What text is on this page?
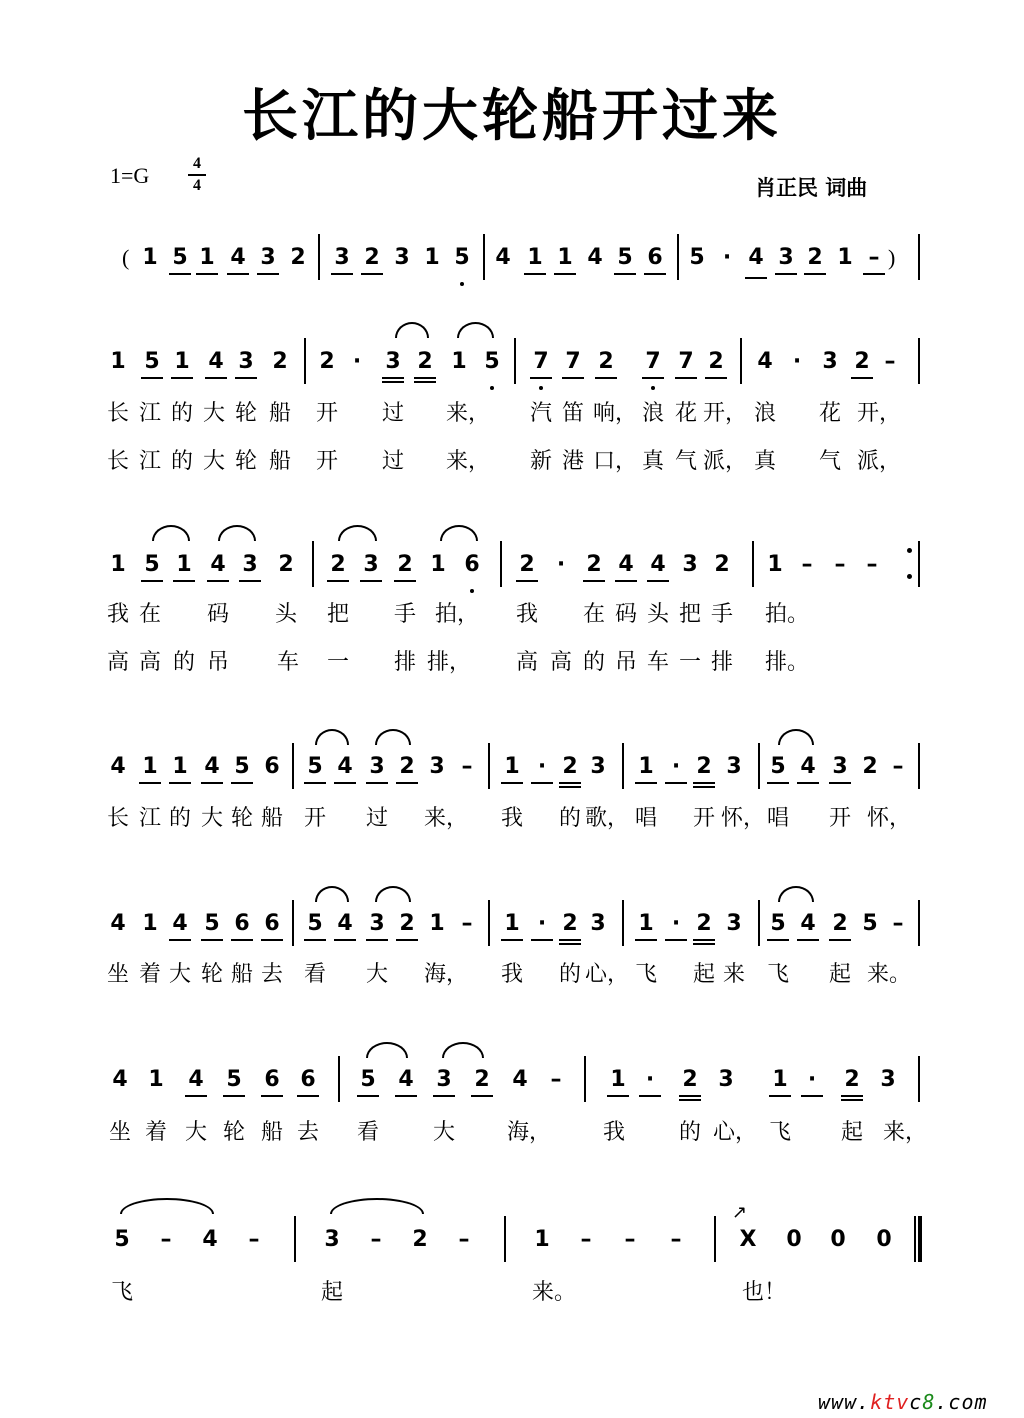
长江的大轮船开过来
$1=G \frac{4}{4}$	肖正民 词曲
(	)
1 5 1 4 3 2 3 2 3 1 5 4 1 1 4 5 6 5 · 4 3 2 1 –
1 5 1 4 3 2 2 ·	3 2 1 5 7 7 2 7 7 2 4 · 3 2 –
长 江 的 大 轮 船 开 过 来， 汽 笛 响， 浪 花 开， 浪 花 开，
长 江 的 大 轮 船 开 过 来， 新 港 口， 真 气 派， 真 气 派，
1 5 1 4 3 2 2 3 2 1 6 2	· 2 4 4 3 2 1 – – –
我 在 码 头 把 手 拍， 我 在 码 头 把 手 拍。
高 高 的 吊 车 一 排 排， 高 高 的 吊 车 一 排 排。
4 1 1 4 5 6 5 4 3 2 3 – 1 · 2 3 1 · 2 3 5 4 3 2 –
长 江 的 大 轮 船 开 过 来， 我 的 歌， 唱 开 怀， 唱 开 怀，
4 1 4 5 6 6 5 4 3 2 1 – 1 · 2 3 1 · 2 3 5 4 2 5 –
坐 着 大 轮 船 去 看 大 海， 我 的 心， 飞 起 来 飞 起 来。
4 1 4 5 6 6 5 4 3 2 4 – 1 ·	2 3 1 ·	2 3
坐 着 大 轮 船 去 看 大 海， 我 的 心， 飞 起 来，
5 – 4 –	3 – 2 –	1 – – –	X 0 0 0
↗
飞	起	来。	也！
www.ktvc8.com
